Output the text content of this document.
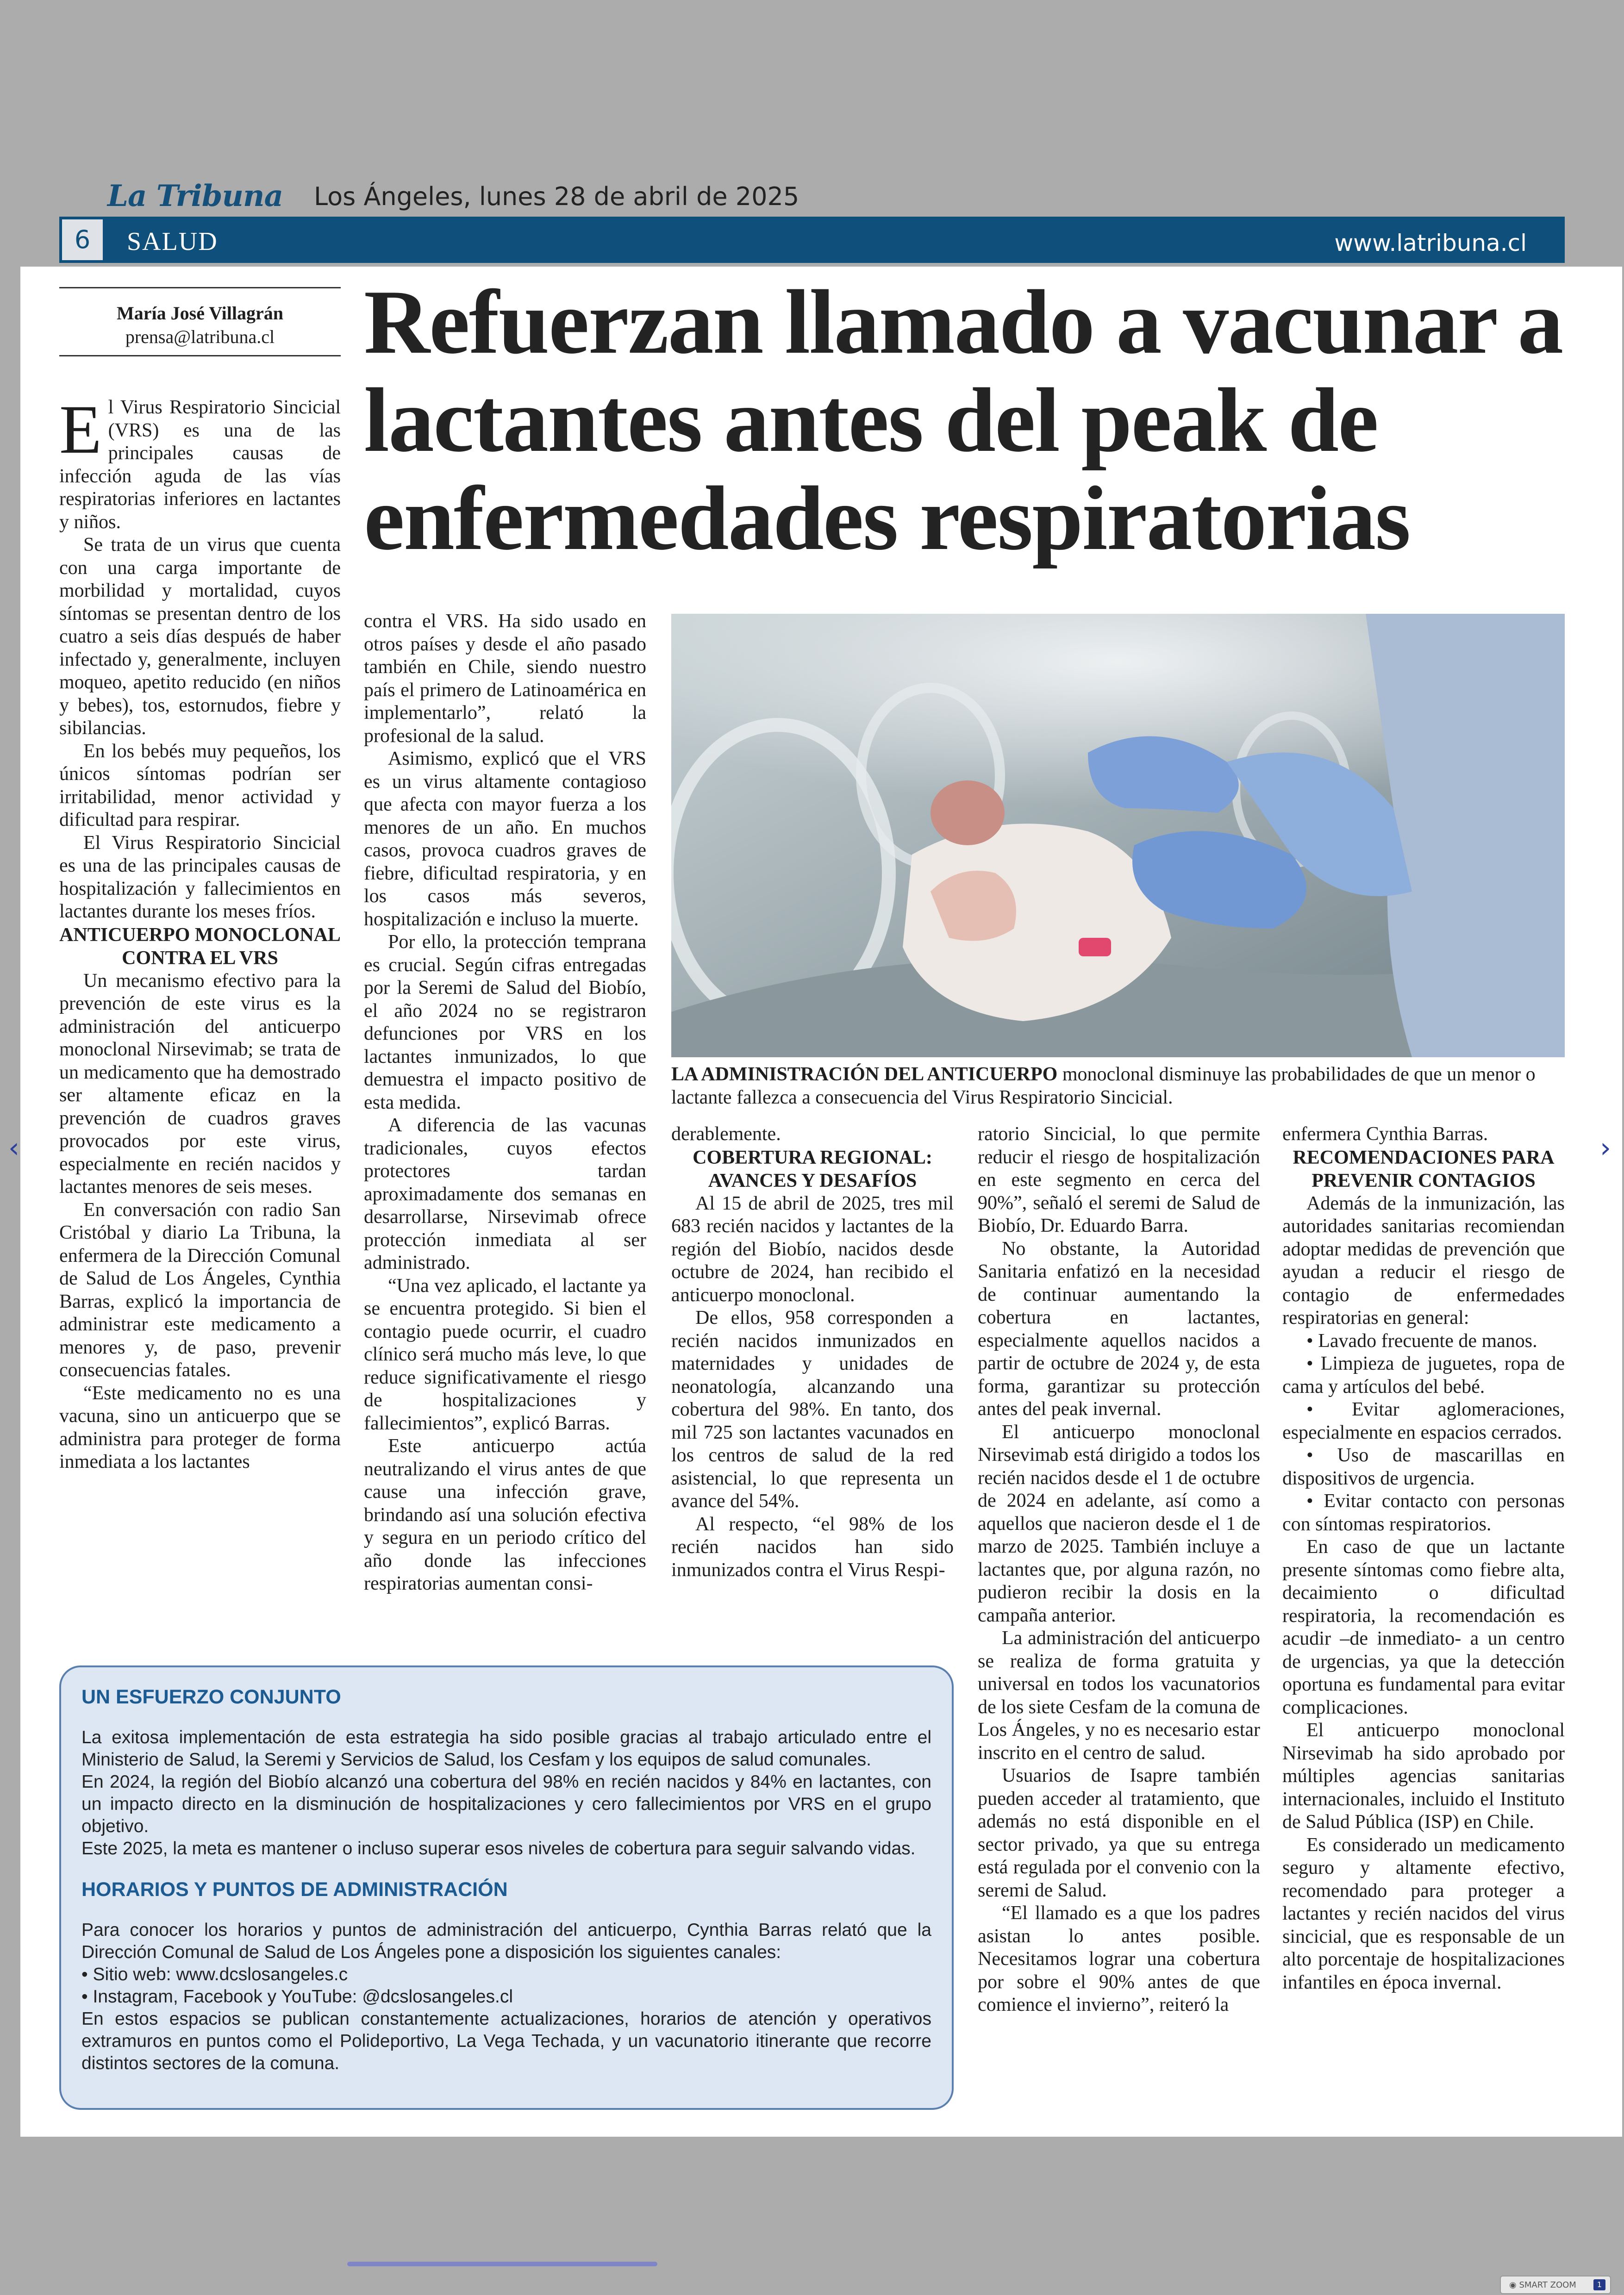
La Tribuna Los Ángeles, lunes 28 de abril de 2025
6	SALUD	www.latribuna.cl
María José Villagrán
prensa@latribuna.cl Refuerzan llamado a vacunar a lactantes antes del peak de enfermedades respiratorias

El Virus Respiratorio Sincicial (VRS) es una de las principales causas de infección aguda de las vías respiratorias inferiores en lactantes y niños.

Se trata de un virus que cuenta con una carga importante de morbilidad y mortalidad, cuyos síntomas se presentan dentro de los cuatro a seis días después de haber infectado y, generalmente, incluyen moqueo, apetito reducido (en niños y bebes), tos, estornudos, fiebre y sibilancias.

En los bebés muy pequeños, los únicos síntomas podrían ser irritabilidad, menor actividad y dificultad para respirar.

El Virus Respiratorio Sincicial es una de las principales causas de hospitalización y fallecimientos en lactantes durante los meses fríos.

ANTICUERPO MONOCLONAL CONTRA EL VRS

Un mecanismo efectivo para la prevención de este virus es la administración del anticuerpo monoclonal Nirsevimab; se trata de un medicamento que ha demostrado ser altamente eficaz en la prevención de cuadros graves provocados por este virus, especialmente en recién nacidos y lactantes menores de seis meses.

En conversación con radio San Cristóbal y diario La Tribuna, la enfermera de la Dirección Comunal de Salud de Los Ángeles, Cynthia Barras, explicó la importancia de administrar este medicamento a menores y, de paso, prevenir consecuencias fatales.

“Este medicamento no es una vacuna, sino un anticuerpo que se administra para proteger de forma inmediata a los lactantes

contra el VRS. Ha sido usado en otros países y desde el año pasado también en Chile, siendo nuestro país el primero de Latinoamérica en implementarlo”, relató la profesional de la salud.

Asimismo, explicó que el VRS es un virus altamente contagioso que afecta con mayor fuerza a los menores de un año. En muchos casos, provoca cuadros graves de fiebre, dificultad respiratoria, y en los casos más severos, hospitalización e incluso la muerte.

Por ello, la protección temprana es crucial. Según cifras entregadas por la Seremi de Salud del Biobío, el año 2024 no se registraron defunciones por VRS en los lactantes inmunizados, lo que demuestra el impacto positivo de esta medida.

A diferencia de las vacunas tradicionales, cuyos efectos protectores tardan aproximadamente dos semanas en desarrollarse, Nirsevimab ofrece protección inmediata al ser administrado.

“Una vez aplicado, el lactante ya se encuentra protegido. Si bien el contagio puede ocurrir, el cuadro clínico será mucho más leve, lo que reduce significativamente el riesgo de hospitalizaciones y fallecimientos”, explicó Barras.

Este anticuerpo actúa neutralizando el virus antes de que cause una infección grave, brindando así una solución efectiva y segura en un periodo crítico del año donde las infecciones respiratorias aumentan consi-

LA ADMINISTRACIÓN DEL ANTICUERPO monoclonal disminuye las probabilidades de que un menor o lactante fallezca a consecuencia del Virus Respiratorio Sincicial.

derablemente.

COBERTURA REGIONAL: AVANCES Y DESAFÍOS

Al 15 de abril de 2025, tres mil 683 recién nacidos y lactantes de la región del Biobío, nacidos desde octubre de 2024, han recibido el anticuerpo monoclonal.

De ellos, 958 corresponden a recién nacidos inmunizados en maternidades y unidades de neonatología, alcanzando una cobertura del 98%. En tanto, dos mil 725 son lactantes vacunados en los centros de salud de la red asistencial, lo que representa un avance del 54%.

Al respecto, “el 98% de los recién nacidos han sido inmunizados contra el Virus Respi-

ratorio Sincicial, lo que permite reducir el riesgo de hospitalización en este segmento en cerca del 90%”, señaló el seremi de Salud de Biobío, Dr. Eduardo Barra.

No obstante, la Autoridad Sanitaria enfatizó en la necesidad de continuar aumentando la cobertura en lactantes, especialmente aquellos nacidos a partir de octubre de 2024 y, de esta forma, garantizar su protección antes del peak invernal.

El anticuerpo monoclonal Nirsevimab está dirigido a todos los recién nacidos desde el 1 de octubre de 2024 en adelante, así como a aquellos que nacieron desde el 1 de marzo de 2025. También incluye a lactantes que, por alguna razón, no pudieron recibir la dosis en la campaña anterior.

La administración del anticuerpo se realiza de forma gratuita y universal en todos los vacunatorios de los siete Cesfam de la comuna de Los Ángeles, y no es necesario estar inscrito en el centro de salud.

Usuarios de Isapre también pueden acceder al tratamiento, que además no está disponible en el sector privado, ya que su entrega está regulada por el convenio con la seremi de Salud.

“El llamado es a que los padres asistan lo antes posible. Necesitamos lograr una cobertura por sobre el 90% antes de que comience el invierno”, reiteró la

enfermera Cynthia Barras.

RECOMENDACIONES PARA PREVENIR CONTAGIOS

Además de la inmunización, las autoridades sanitarias recomiendan adoptar medidas de prevención que ayudan a reducir el riesgo de contagio de enfermedades respiratorias en general:

• Lavado frecuente de manos.

• Limpieza de juguetes, ropa de cama y artículos del bebé.

• Evitar aglomeraciones, especialmente en espacios cerrados.

• Uso de mascarillas en dispositivos de urgencia.

• Evitar contacto con personas con síntomas respiratorios.

En caso de que un lactante presente síntomas como fiebre alta, decaimiento o dificultad respiratoria, la recomendación es acudir –de inmediato- a un centro de urgencias, ya que la detección oportuna es fundamental para evitar complicaciones.

El anticuerpo monoclonal Nirsevimab ha sido aprobado por múltiples agencias sanitarias internacionales, incluido el Instituto de Salud Pública (ISP) en Chile.

Es considerado un medicamento seguro y altamente efectivo, recomendado para proteger a lactantes y recién nacidos del virus sincicial, que es responsable de un alto porcentaje de hospitalizaciones infantiles en época invernal.

UN ESFUERZO CONJUNTO

La exitosa implementación de esta estrategia ha sido posible gracias al trabajo articulado entre el Ministerio de Salud, la Seremi y Servicios de Salud, los Cesfam y los equipos de salud comunales.

En 2024, la región del Biobío alcanzó una cobertura del 98% en recién nacidos y 84% en lactantes, con un impacto directo en la disminución de hospitalizaciones y cero fallecimientos por VRS en el grupo objetivo.

Este 2025, la meta es mantener o incluso superar esos niveles de cobertura para seguir salvando vidas.

HORARIOS Y PUNTOS DE ADMINISTRACIÓN

Para conocer los horarios y puntos de administración del anticuerpo, Cynthia Barras relató que la Dirección Comunal de Salud de Los Ángeles pone a disposición los siguientes canales:

• Sitio web: www.dcslosangeles.c

• Instagram, Facebook y YouTube: @dcslosangeles.cl

En estos espacios se publican constantemente actualizaciones, horarios de atención y operativos extramuros en puntos como el Polideportivo, La Vega Techada, y un vacunatorio itinerante que recorre distintos sectores de la comuna.

‹	›
◉ SMART ZOOM	1
